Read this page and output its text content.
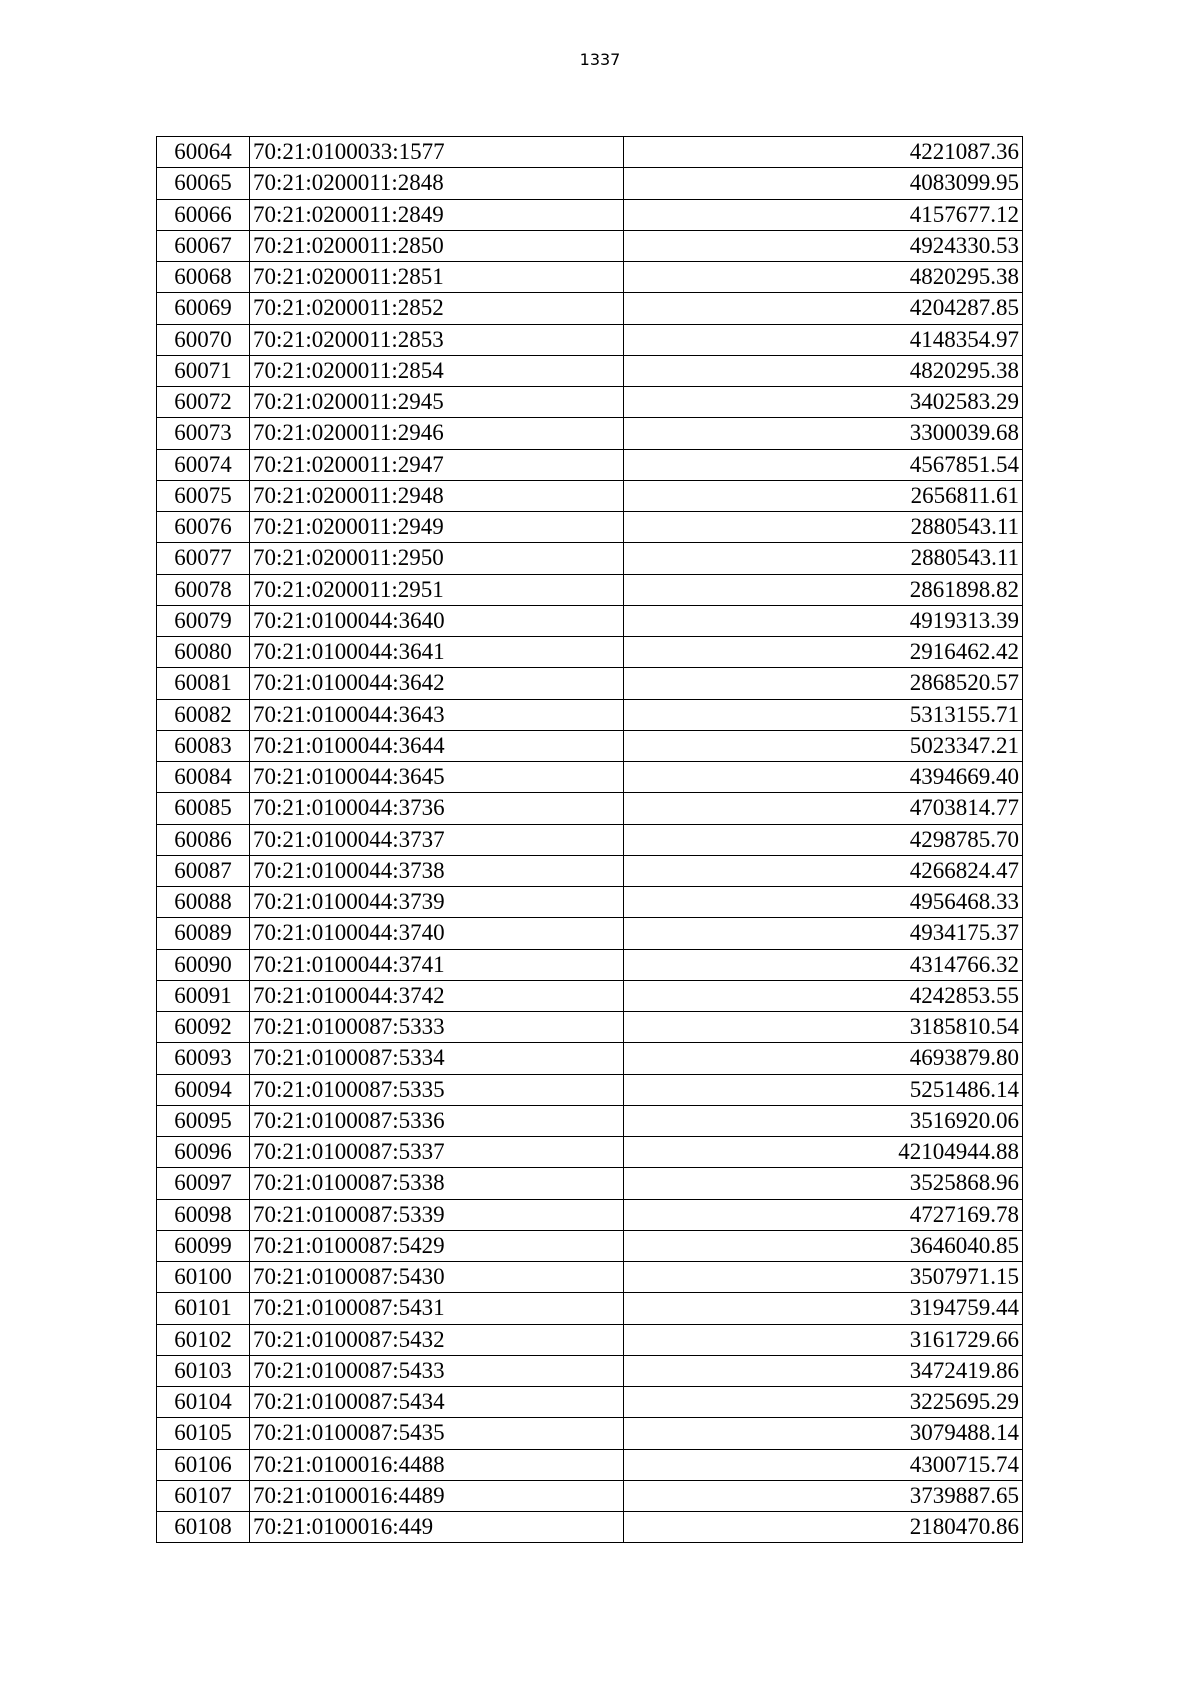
1337
60064	70:21:0100033:1577	4221087.36
60065	70:21:0200011:2848	4083099.95
60066	70:21:0200011:2849	4157677.12
60067	70:21:0200011:2850	4924330.53
60068	70:21:0200011:2851	4820295.38
60069	70:21:0200011:2852	4204287.85
60070	70:21:0200011:2853	4148354.97
60071	70:21:0200011:2854	4820295.38
60072	70:21:0200011:2945	3402583.29
60073	70:21:0200011:2946	3300039.68
60074	70:21:0200011:2947	4567851.54
60075	70:21:0200011:2948	2656811.61
60076	70:21:0200011:2949	2880543.11
60077	70:21:0200011:2950	2880543.11
60078	70:21:0200011:2951	2861898.82
60079	70:21:0100044:3640	4919313.39
60080	70:21:0100044:3641	2916462.42
60081	70:21:0100044:3642	2868520.57
60082	70:21:0100044:3643	5313155.71
60083	70:21:0100044:3644	5023347.21
60084	70:21:0100044:3645	4394669.40
60085	70:21:0100044:3736	4703814.77
60086	70:21:0100044:3737	4298785.70
60087	70:21:0100044:3738	4266824.47
60088	70:21:0100044:3739	4956468.33
60089	70:21:0100044:3740	4934175.37
60090	70:21:0100044:3741	4314766.32
60091	70:21:0100044:3742	4242853.55
60092	70:21:0100087:5333	3185810.54
60093	70:21:0100087:5334	4693879.80
60094	70:21:0100087:5335	5251486.14
60095	70:21:0100087:5336	3516920.06
60096	70:21:0100087:5337	42104944.88
60097	70:21:0100087:5338	3525868.96
60098	70:21:0100087:5339	4727169.78
60099	70:21:0100087:5429	3646040.85
60100	70:21:0100087:5430	3507971.15
60101	70:21:0100087:5431	3194759.44
60102	70:21:0100087:5432	3161729.66
60103	70:21:0100087:5433	3472419.86
60104	70:21:0100087:5434	3225695.29
60105	70:21:0100087:5435	3079488.14
60106	70:21:0100016:4488	4300715.74
60107	70:21:0100016:4489	3739887.65
60108	70:21:0100016:449	2180470.86
